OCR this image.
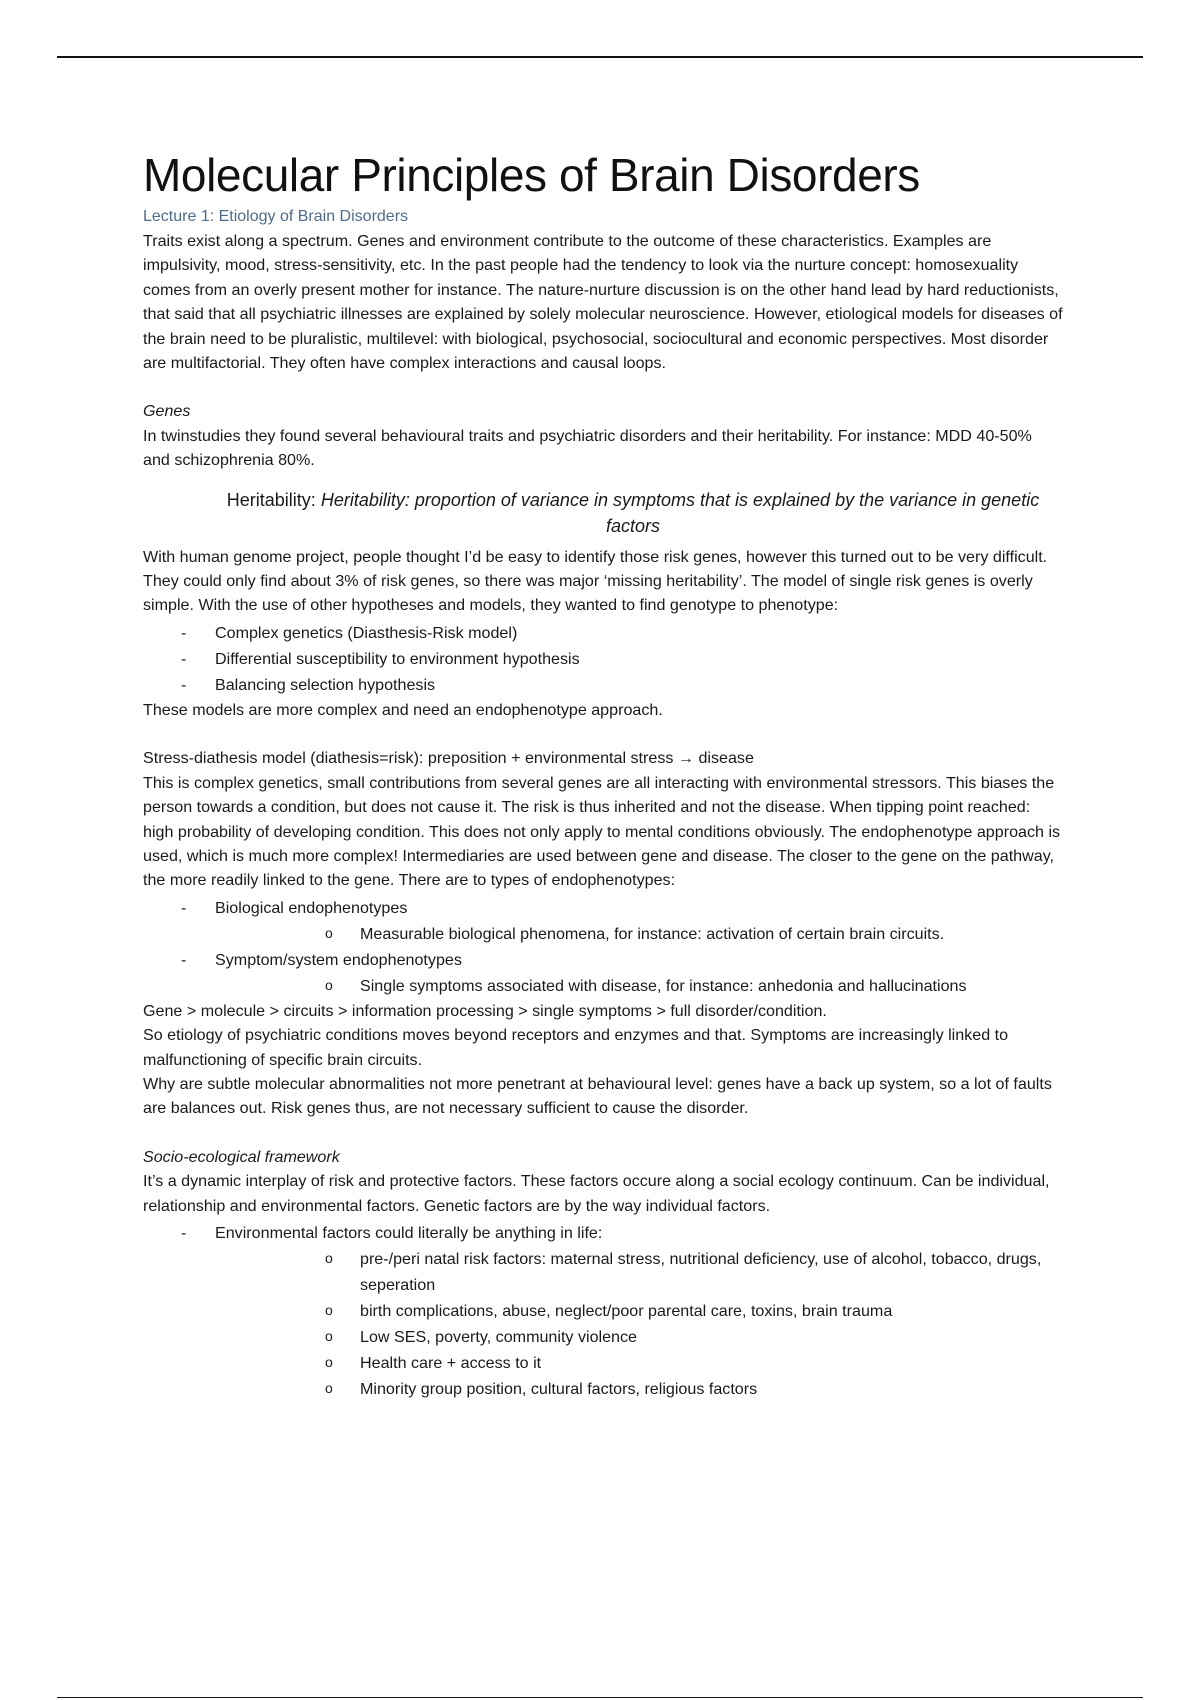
Molecular Principles of Brain Disorders
Lecture 1: Etiology of Brain Disorders

Traits exist along a spectrum. Genes and environment contribute to the outcome of these characteristics. Examples are impulsivity, mood, stress-sensitivity, etc. In the past people had the tendency to look via the nurture concept: homosexuality comes from an overly present mother for instance. The nature-nurture discussion is on the other hand lead by hard reductionists, that said that all psychiatric illnesses are explained by solely molecular neuroscience. However, etiological models for diseases of the brain need to be pluralistic, multilevel: with biological, psychosocial, sociocultural and economic perspectives. Most disorder are multifactorial. They often have complex interactions and causal loops.

Genes

In twinstudies they found several behavioural traits and psychiatric disorders and their heritability. For instance: MDD 40-50% and schizophrenia 80%.

Heritability: Heritability: proportion of variance in symptoms that is explained by the variance in genetic factors

With human genome project, people thought I’d be easy to identify those risk genes, however this turned out to be very difficult. They could only find about 3% of risk genes, so there was major ‘missing heritability’. The model of single risk genes is overly simple. With the use of other hypotheses and models, they wanted to find genotype to phenotype:

- Complex genetics (Diasthesis-Risk model)
- Differential susceptibility to environment hypothesis
- Balancing selection hypothesis

These models are more complex and need an endophenotype approach.

Stress-diathesis model (diathesis=risk): preposition + environmental stress → disease

This is complex genetics, small contributions from several genes are all interacting with environmental stressors. This biases the person towards a condition, but does not cause it. The risk is thus inherited and not the disease. When tipping point reached: high probability of developing condition. This does not only apply to mental conditions obviously. The endophenotype approach is used, which is much more complex! Intermediaries are used between gene and disease. The closer to the gene on the pathway, the more readily linked to the gene. There are to types of endophenotypes:

- Biological endophenotypes
o Measurable biological phenomena, for instance: activation of certain brain circuits.
- Symptom/system endophenotypes
o Single symptoms associated with disease, for instance: anhedonia and hallucinations

Gene > molecule > circuits > information processing > single symptoms > full disorder/condition.

So etiology of psychiatric conditions moves beyond receptors and enzymes and that. Symptoms are increasingly linked to malfunctioning of specific brain circuits.

Why are subtle molecular abnormalities not more penetrant at behavioural level: genes have a back up system, so a lot of faults are balances out. Risk genes thus, are not necessary sufficient to cause the disorder.

Socio-ecological framework

It’s a dynamic interplay of risk and protective factors. These factors occure along a social ecology continuum. Can be individual, relationship and environmental factors. Genetic factors are by the way individual factors.

- Environmental factors could literally be anything in life:
o pre-/peri natal risk factors: maternal stress, nutritional deficiency, use of alcohol, tobacco, drugs, seperation
o birth complications, abuse, neglect/poor parental care, toxins, brain trauma
o Low SES, poverty, community violence
o Health care + access to it
o Minority group position, cultural factors, religious factors
